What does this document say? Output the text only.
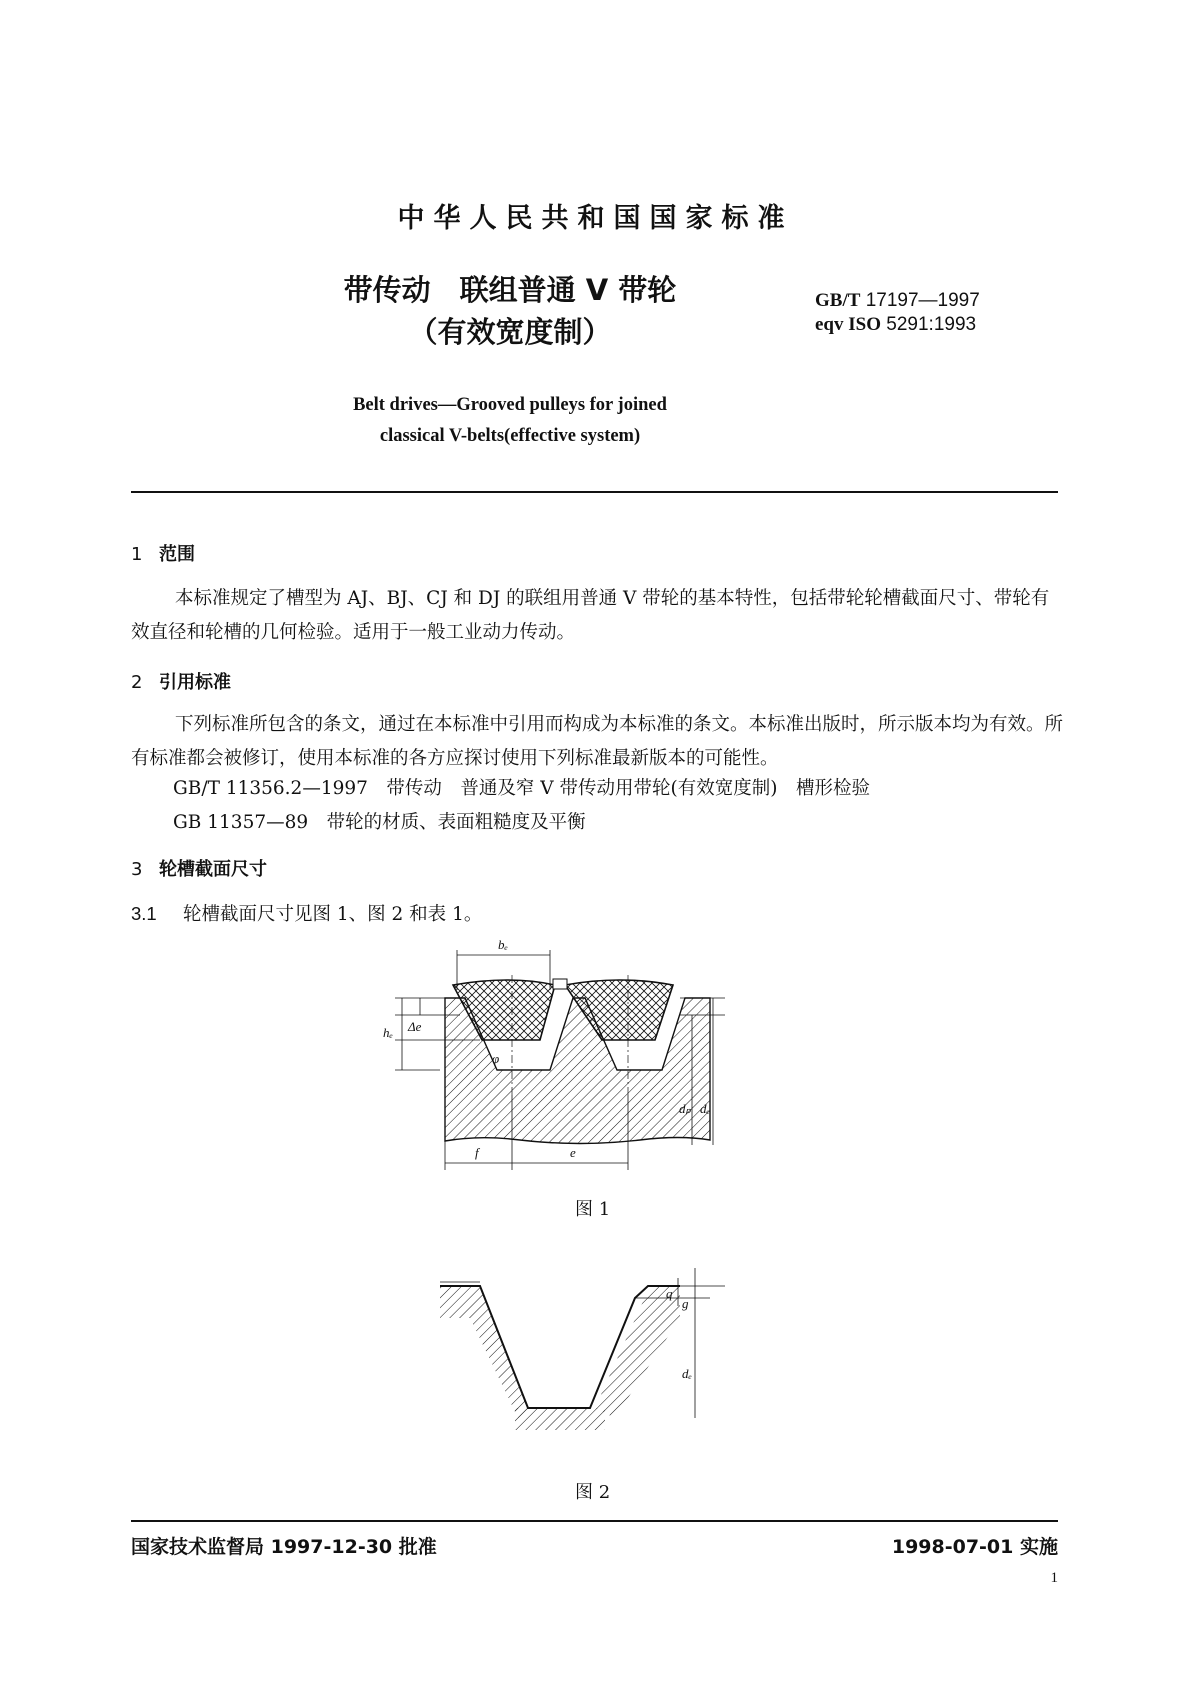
中华人民共和国国家标准
带传动　联组普通 V 带轮
（有效宽度制）
GB/T 17197—1997
eqv ISO 5291:1993
Belt drives—Grooved pulleys for joined
classical V-belts(effective system)
1 范围
本标准规定了槽型为 AJ、BJ、CJ 和 DJ 的联组用普通 V 带轮的基本特性，包括带轮轮槽截面尺寸、带轮有效直径和轮槽的几何检验。适用于一般工业动力传动。
2 引用标准
下列标准所包含的条文，通过在本标准中引用而构成为本标准的条文。本标准出版时，所示版本均为有效。所有标准都会被修订，使用本标准的各方应探讨使用下列标准最新版本的可能性。
GB/T 11356.2—1997　带传动　普通及窄 V 带传动用带轮(有效宽度制)　槽形检验
GB 11357—89　带轮的材质、表面粗糙度及平衡
3 轮槽截面尺寸
3.1 轮槽截面尺寸见图 1、图 2 和表 1。
bₑ
hₑ Δe
φ
dₚ dₑ
f	e
图 1
q
g
dₑ
图 2
国家技术监督局 1997-12-30 批准	1998-07-01 实施
1
